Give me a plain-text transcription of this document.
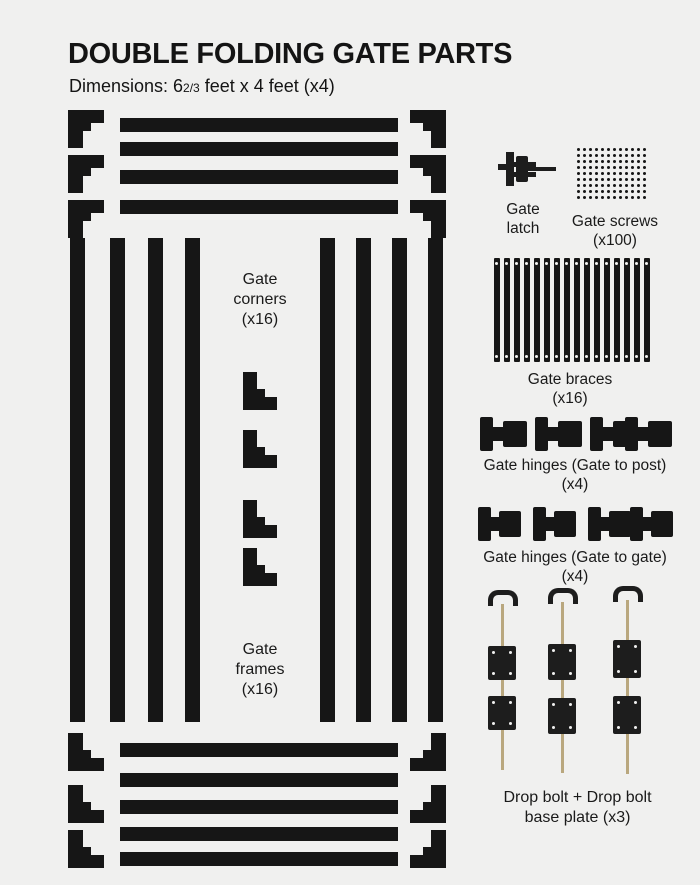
DOUBLE FOLDING GATE PARTS
Dimensions: 62/3 feet x 4 feet (x4)
Gate
corners
(x16)
Gate
frames
(x16)
Gate
latch	Gate screws
(x100)
Gate braces
(x16)
Gate hinges (Gate to post)
(x4)
Gate hinges (Gate to gate)
(x4)
Drop bolt + Drop bolt
base plate (x3)
